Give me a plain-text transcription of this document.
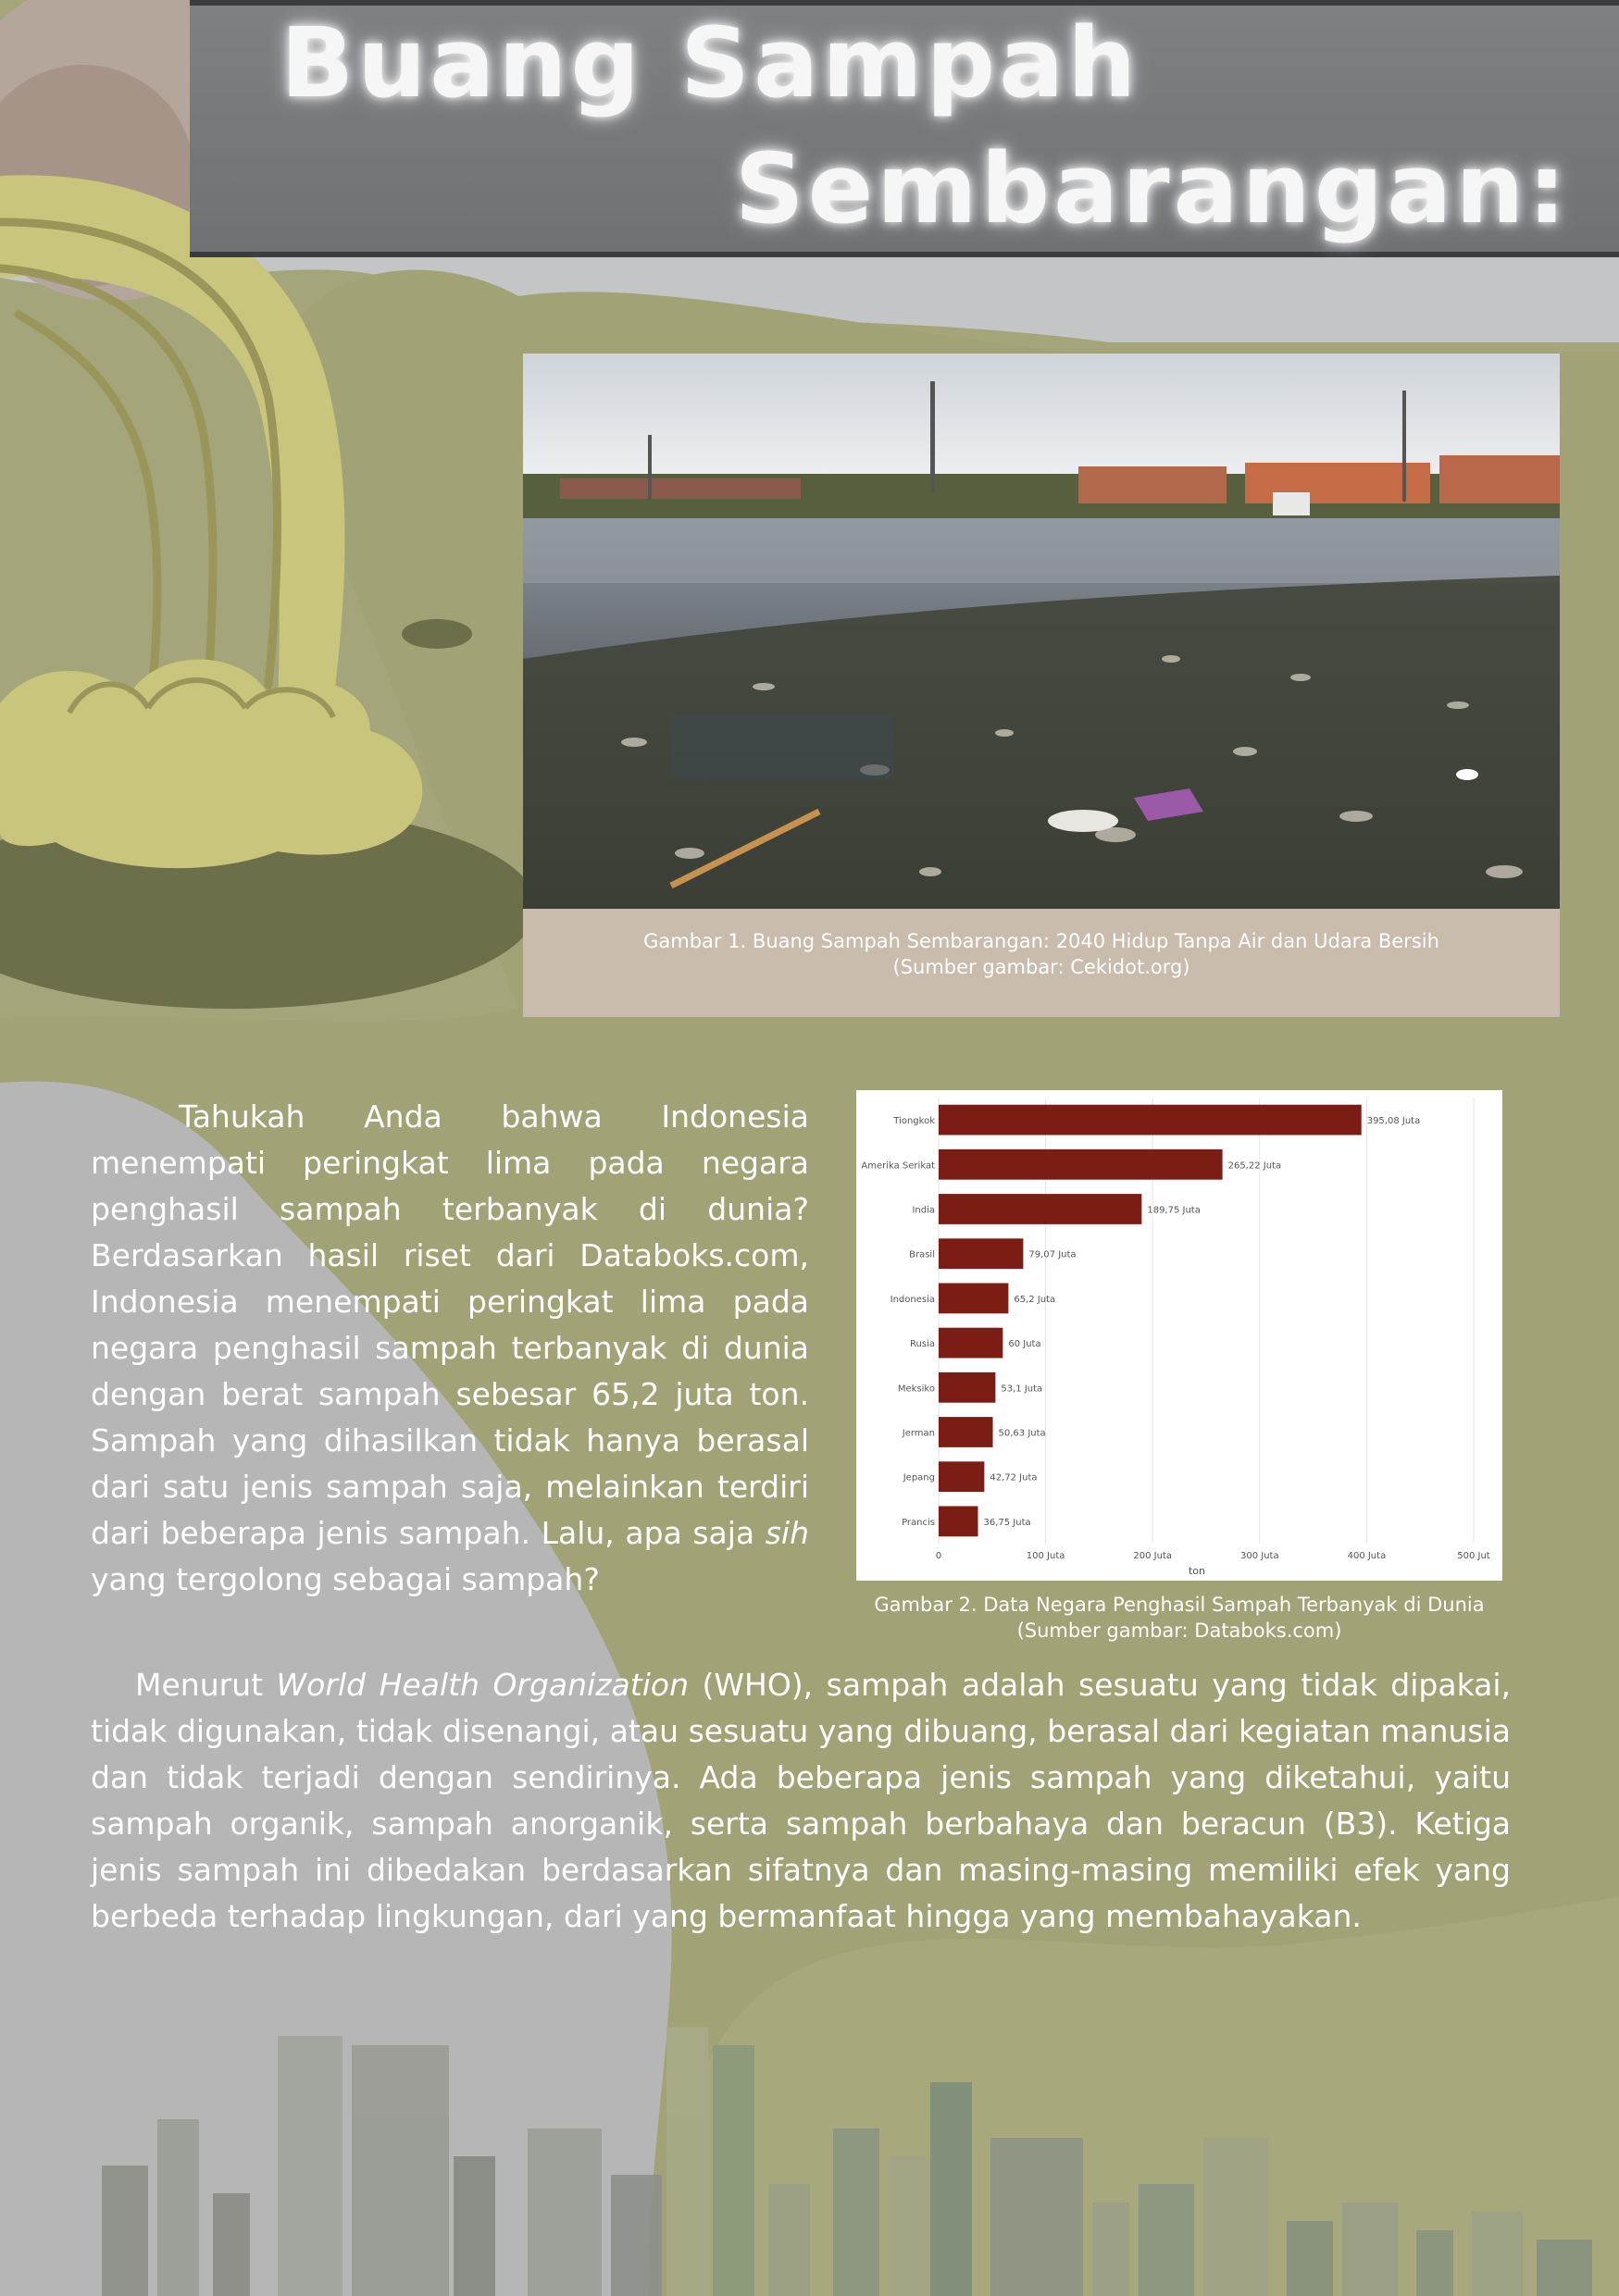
Buang Sampah
Sembarangan:
Gambar 1. Buang Sampah Sembarangan: 2040 Hidup Tanpa Air dan Udara Bersih
(Sumber gambar: Cekidot.org)

Tahukah Anda bahwa Indonesia menempati peringkat lima pada negara penghasil sampah terbanyak di dunia? Berdasarkan hasil riset dari Databoks.com, Indonesia menempati peringkat lima pada negara penghasil sampah terbanyak di dunia dengan berat sampah sebesar 65,2 juta ton. Sampah yang dihasilkan tidak hanya berasal dari satu jenis sampah saja, melainkan terdiri dari beberapa jenis sampah. Lalu, apa saja sih yang tergolong sebagai sampah?

0	100 Juta	200 Juta	300 Juta	400 Juta	500 Jut
Tiongkok	395,08 Juta
Amerika Serikat	265,22 Juta
India	189,75 Juta
Brasil	79,07 Juta
Indonesia	65,2 Juta
Rusia	60 Juta
Meksiko	53,1 Juta
Jerman	50,63 Juta
Jepang	42,72 Juta
Prancis	36,75 Juta
ton
Gambar 2. Data Negara Penghasil Sampah Terbanyak di Dunia
(Sumber gambar: Databoks.com)

Menurut World Health Organization (WHO), sampah adalah sesuatu yang tidak dipakai, tidak digunakan, tidak disenangi, atau sesuatu yang dibuang, berasal dari kegiatan manusia dan tidak terjadi dengan sendirinya. Ada beberapa jenis sampah yang diketahui, yaitu sampah organik, sampah anorganik, serta sampah berbahaya dan beracun (B3). Ketiga jenis sampah ini dibedakan berdasarkan sifatnya dan masing-masing memiliki efek yang berbeda terhadap lingkungan, dari yang bermanfaat hingga yang membahayakan.
